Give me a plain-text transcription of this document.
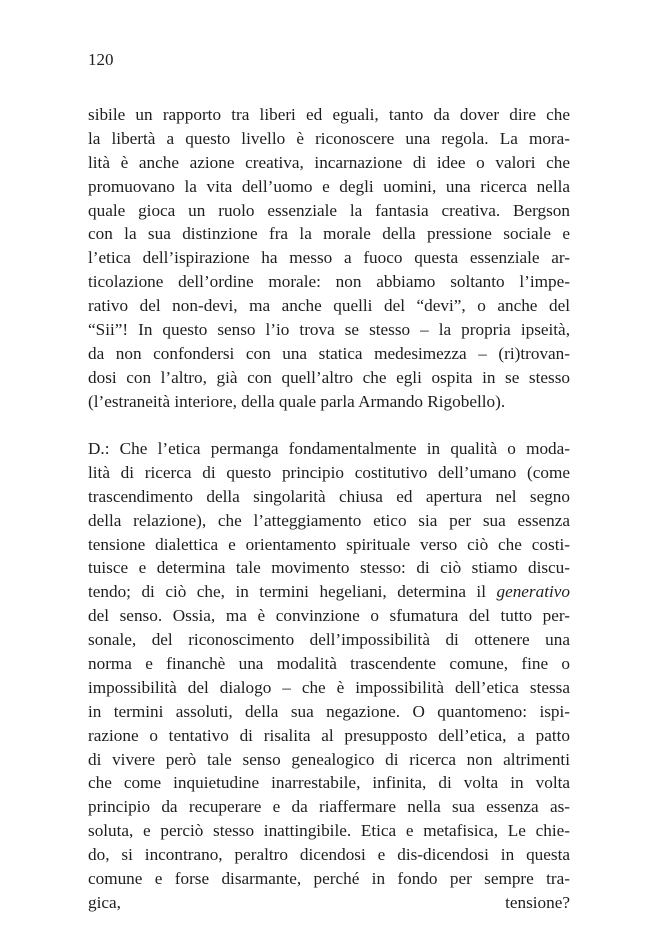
120
sibile un rapporto tra liberi ed eguali, tanto da dover dire che
la libertà a questo livello è riconoscere una regola. La mora-
lità è anche azione creativa, incarnazione di idee o valori che
promuovano la vita dell’uomo e degli uomini, una ricerca nella
quale gioca un ruolo essenziale la fantasia creativa. Bergson
con la sua distinzione fra la morale della pressione sociale e
l’etica dell’ispirazione ha messo a fuoco questa essenziale ar-
ticolazione dell’ordine morale: non abbiamo soltanto l’impe-
rativo del non-devi, ma anche quelli del “devi”, o anche del
“Sii”! In questo senso l’io trova se stesso – la propria ipseità,
da non confondersi con una statica medesimezza – (ri)trovan-
dosi con l’altro, già con quell’altro che egli ospita in se stesso
(l’estraneità interiore, della quale parla Armando Rigobello).
D.: Che l’etica permanga fondamentalmente in qualità o moda-
lità di ricerca di questo principio costitutivo dell’umano (come
trascendimento della singolarità chiusa ed apertura nel segno
della relazione), che l’atteggiamento etico sia per sua essenza
tensione dialettica e orientamento spirituale verso ciò che costi-
tuisce e determina tale movimento stesso: di ciò stiamo discu-
tendo; di ciò che, in termini hegeliani, determina il generativo
del senso. Ossia, ma è convinzione o sfumatura del tutto per-
sonale, del riconoscimento dell’impossibilità di ottenere una
norma e financhè una modalità trascendente comune, fine o
impossibilità del dialogo – che è impossibilità dell’etica stessa
in termini assoluti, della sua negazione. O quantomeno: ispi-
razione o tentativo di risalita al presupposto dell’etica, a patto
di vivere però tale senso genealogico di ricerca non altrimenti
che come inquietudine inarrestabile, infinita, di volta in volta
principio da recuperare e da riaffermare nella sua essenza as-
soluta, e perciò stesso inattingibile. Etica e metafisica, Le chie-
do, si incontrano, peraltro dicendosi e dis-dicendosi in questa
comune e forse disarmante, perché in fondo per sempre tra-
gica, tensione?
